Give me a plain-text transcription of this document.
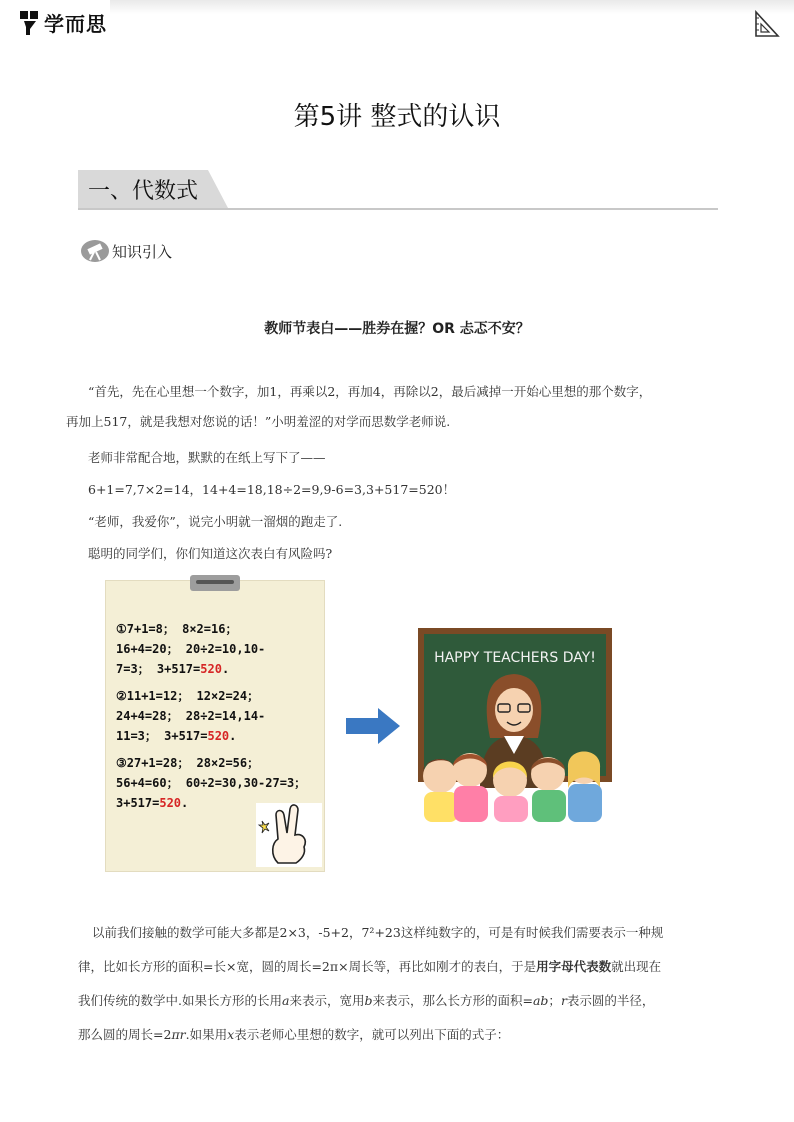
学而思
第5讲 整式的认识
一、代数式
知识引入
教师节表白——胜券在握？OR 忐忑不安？
“首先，先在心里想一个数字，加1，再乘以2，再加4，再除以2，最后减掉一开始心里想的那个数字，
再加上517，就是我想对您说的话！”小明羞涩的对学而思数学老师说.
老师非常配合地，默默的在纸上写下了——
6+1=7,7×2=14，14+4=18,18÷2=9,9-6=3,3+517=520！
“老师，我爱你”，说完小明就一溜烟的跑走了.
聪明的同学们，你们知道这次表白有风险吗?
①7+1=8； 8×2=16；
16+4=20； 20÷2=10,10-
7=3； 3+517=520.
②11+1=12； 12×2=24；
24+4=28； 28÷2=14,14-
11=3； 3+517=520.
③27+1=28； 28×2=56；
56+4=60； 60÷2=30,30-27=3；
3+517=520.
HAPPY TEACHERS DAY!
以前我们接触的数学可能大多都是2×3，-5+2，7²+23这样纯数字的，可是有时候我们需要表示一种规
律，比如长方形的面积=长×宽，圆的周长=2π×周长等，再比如刚才的表白，于是用字母代表数就出现在
我们传统的数学中.如果长方形的长用a来表示，宽用b来表示，那么长方形的面积=ab；r表示圆的半径，
那么圆的周长=2πr.如果用x表示老师心里想的数字，就可以列出下面的式子：
